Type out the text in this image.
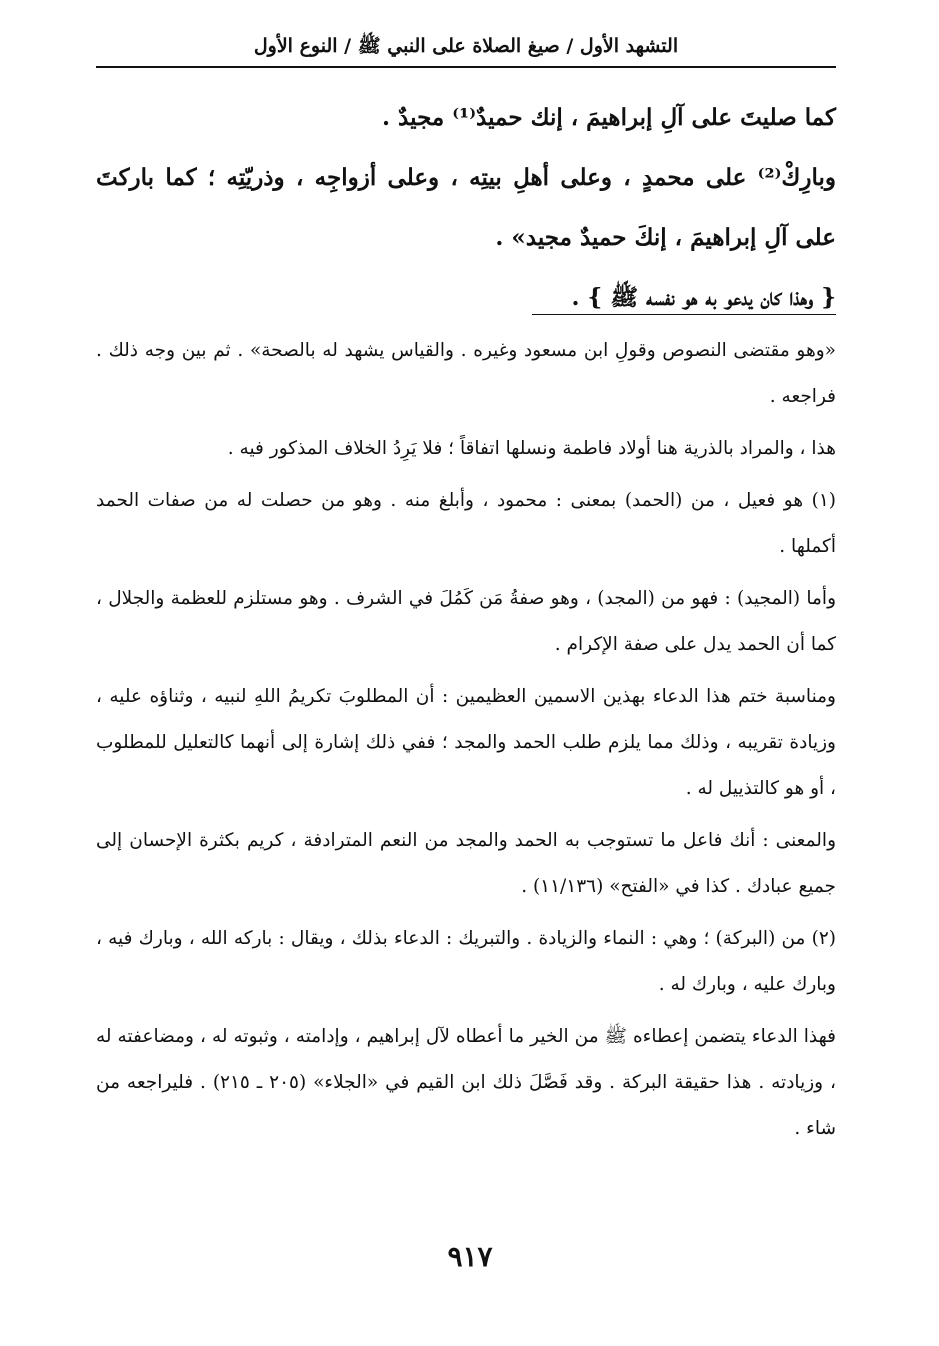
التشهد الأول / صيغ الصلاة على النبي ﷺ / النوع الأول

كما صليتَ على آلِ إبراهيمَ ، إنك حميدٌ⁽¹⁾ مجيدٌ .

وبارِكْ⁽²⁾ على محمدٍ ، وعلى أهلِ بيتِه ، وعلى أزواجِه ، وذريّتِه ؛ كما باركتَ على آلِ إبراهيمَ ، إنكَ حميدٌ مجيد» .

{ وهذا كان يدعو به هو نفسه ﷺ } .

«وهو مقتضى النصوص وقولِ ابن مسعود وغيره . والقياس يشهد له بالصحة» . ثم بين وجه ذلك . فراجعه .

هذا ، والمراد بالذرية هنا أولاد فاطمة ونسلها اتفاقاً ؛ فلا يَرِدُ الخلاف المذكور فيه .

(١) هو فعيل ، من (الحمد) بمعنى : محمود ، وأبلغ منه . وهو من حصلت له من صفات الحمد أكملها .

وأما (المجيد) : فهو من (المجد) ، وهو صفةُ مَن كَمُلَ في الشرف . وهو مستلزم للعظمة والجلال ، كما أن الحمد يدل على صفة الإكرام .

ومناسبة ختم هذا الدعاء بهذين الاسمين العظيمين : أن المطلوبَ تكريمُ اللهِ لنبيه ، وثناؤه عليه ، وزيادة تقريبه ، وذلك مما يلزم طلب الحمد والمجد ؛ ففي ذلك إشارة إلى أنهما كالتعليل للمطلوب ، أو هو كالتذييل له .

والمعنى : أنك فاعل ما تستوجب به الحمد والمجد من النعم المترادفة ، كريم بكثرة الإحسان إلى جميع عبادك . كذا في «الفتح» (١١/١٣٦) .

(٢) من (البركة) ؛ وهي : النماء والزيادة . والتبريك : الدعاء بذلك ، ويقال : باركه الله ، وبارك فيه ، وبارك عليه ، وبارك له .

فهذا الدعاء يتضمن إعطاءه ﷺ من الخير ما أعطاه لآل إبراهيم ، وإدامته ، وثبوته له ، ومضاعفته له ، وزيادته . هذا حقيقة البركة . وقد فَصَّلَ ذلك ابن القيم في «الجلاء» (٢٠٥ ـ ٢١٥) . فليراجعه من شاء .

٩١٧
